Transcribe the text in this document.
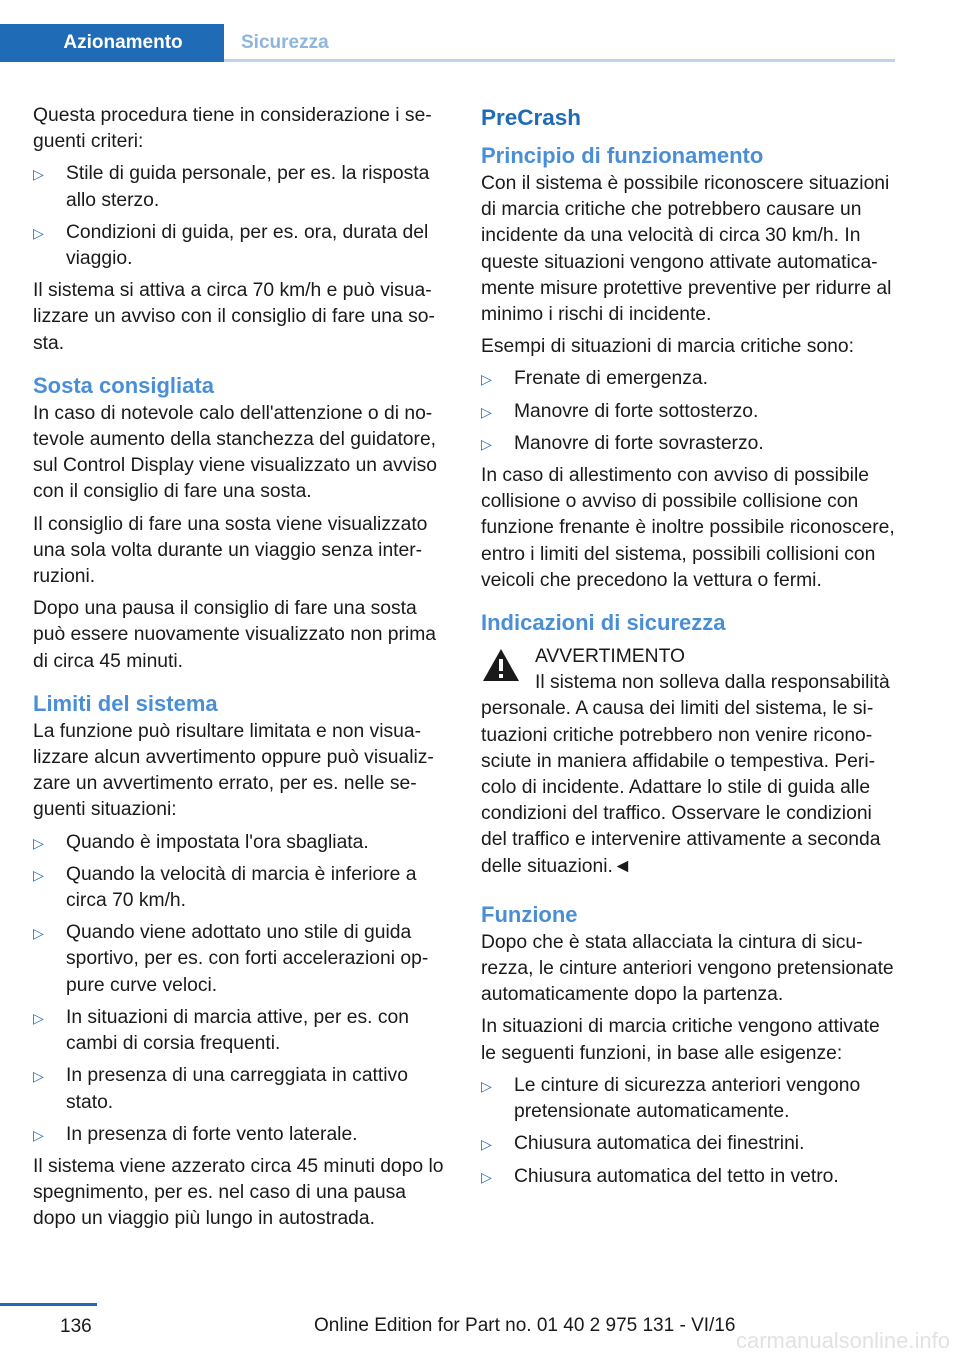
Azionamento	Sicurezza

Questa procedura tiene in considerazione i seguenti criteri:

▷ Stile di guida personale, per es. la risposta allo sterzo.
▷ Condizioni di guida, per es. ora, durata del viaggio.

Il sistema si attiva a circa 70 km/h e può visualizzare un avviso con il consiglio di fare una sosta.

Sosta consigliata

In caso di notevole calo dell'attenzione o di notevole aumento della stanchezza del guidatore, sul Control Display viene visualizzato un avviso con il consiglio di fare una sosta.

Il consiglio di fare una sosta viene visualizzato una sola volta durante un viaggio senza interruzioni.

Dopo una pausa il consiglio di fare una sosta può essere nuovamente visualizzato non prima di circa 45 minuti.

Limiti del sistema

La funzione può risultare limitata e non visualizzare alcun avvertimento oppure può visualizzare un avvertimento errato, per es. nelle seguenti situazioni:

▷ Quando è impostata l'ora sbagliata.
▷ Quando la velocità di marcia è inferiore a circa 70 km/h.
▷ Quando viene adottato uno stile di guida sportivo, per es. con forti accelerazioni oppure curve veloci.
▷ In situazioni di marcia attive, per es. con cambi di corsia frequenti.
▷ In presenza di una carreggiata in cattivo stato.
▷ In presenza di forte vento laterale.

Il sistema viene azzerato circa 45 minuti dopo lo spegnimento, per es. nel caso di una pausa dopo un viaggio più lungo in autostrada.

PreCrash
Principio di funzionamento

Con il sistema è possibile riconoscere situazioni di marcia critiche che potrebbero causare un incidente da una velocità di circa 30 km/h. In queste situazioni vengono attivate automaticamente misure protettive preventive per ridurre al minimo i rischi di incidente.

Esempi di situazioni di marcia critiche sono:

▷ Frenate di emergenza.
▷ Manovre di forte sottosterzo.
▷ Manovre di forte sovrasterzo.

In caso di allestimento con avviso di possibile collisione o avviso di possibile collisione con funzione frenante è inoltre possibile riconoscere, entro i limiti del sistema, possibili collisioni con veicoli che precedono la vettura o fermi.

Indicazioni di sicurezza
AVVERTIMENTO
Il sistema non solleva dalla responsabilità personale. A causa dei limiti del sistema, le situazioni critiche potrebbero non venire riconosciute in maniera affidabile o tempestiva. Pericolo di incidente. Adattare lo stile di guida alle condizioni del traffico. Osservare le condizioni del traffico e intervenire attivamente a seconda delle situazioni.◄
Funzione

Dopo che è stata allacciata la cintura di sicurezza, le cinture anteriori vengono pretensionate automaticamente dopo la partenza.

In situazioni di marcia critiche vengono attivate le seguenti funzioni, in base alle esigenze:

▷ Le cinture di sicurezza anteriori vengono pretensionate automaticamente.
▷ Chiusura automatica dei finestrini.
▷ Chiusura automatica del tetto in vetro.
136	Online Edition for Part no. 01 40 2 975 131 - VI/16
carmanualsonline.info
